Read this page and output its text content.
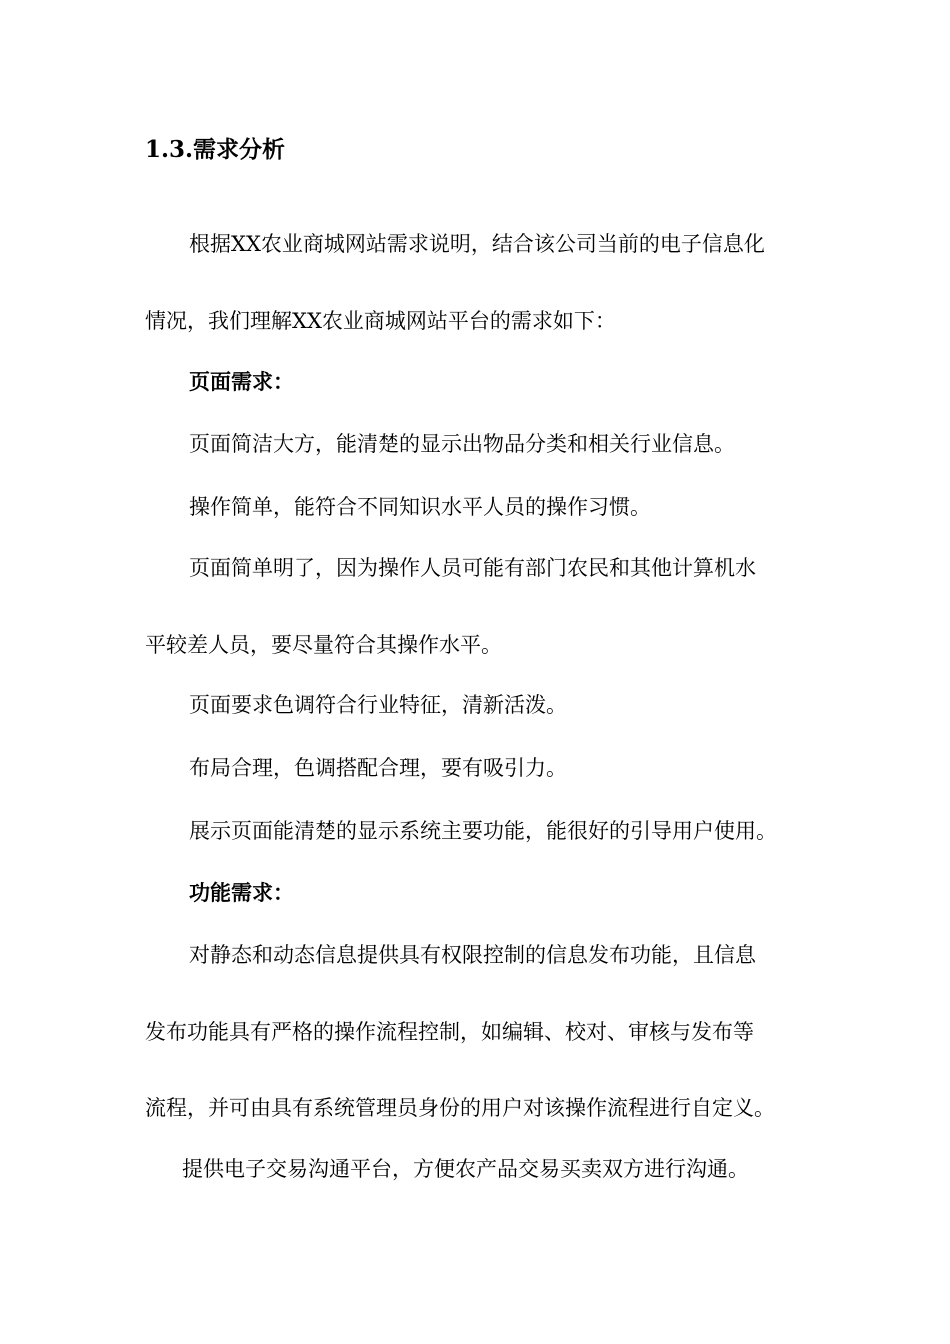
1.3.需求分析
根据XX农业商城网站需求说明，结合该公司当前的电子信息化
情况，我们理解XX农业商城网站平台的需求如下：
页面需求：
页面简洁大方，能清楚的显示出物品分类和相关行业信息。
操作简单，能符合不同知识水平人员的操作习惯。
页面简单明了，因为操作人员可能有部门农民和其他计算机水
平较差人员，要尽量符合其操作水平。
页面要求色调符合行业特征，清新活泼。
布局合理，色调搭配合理，要有吸引力。
展示页面能清楚的显示系统主要功能，能很好的引导用户使用。
功能需求：
对静态和动态信息提供具有权限控制的信息发布功能，且信息
发布功能具有严格的操作流程控制，如编辑、校对、审核与发布等
流程，并可由具有系统管理员身份的用户对该操作流程进行自定义。
提供电子交易沟通平台，方便农产品交易买卖双方进行沟通。
